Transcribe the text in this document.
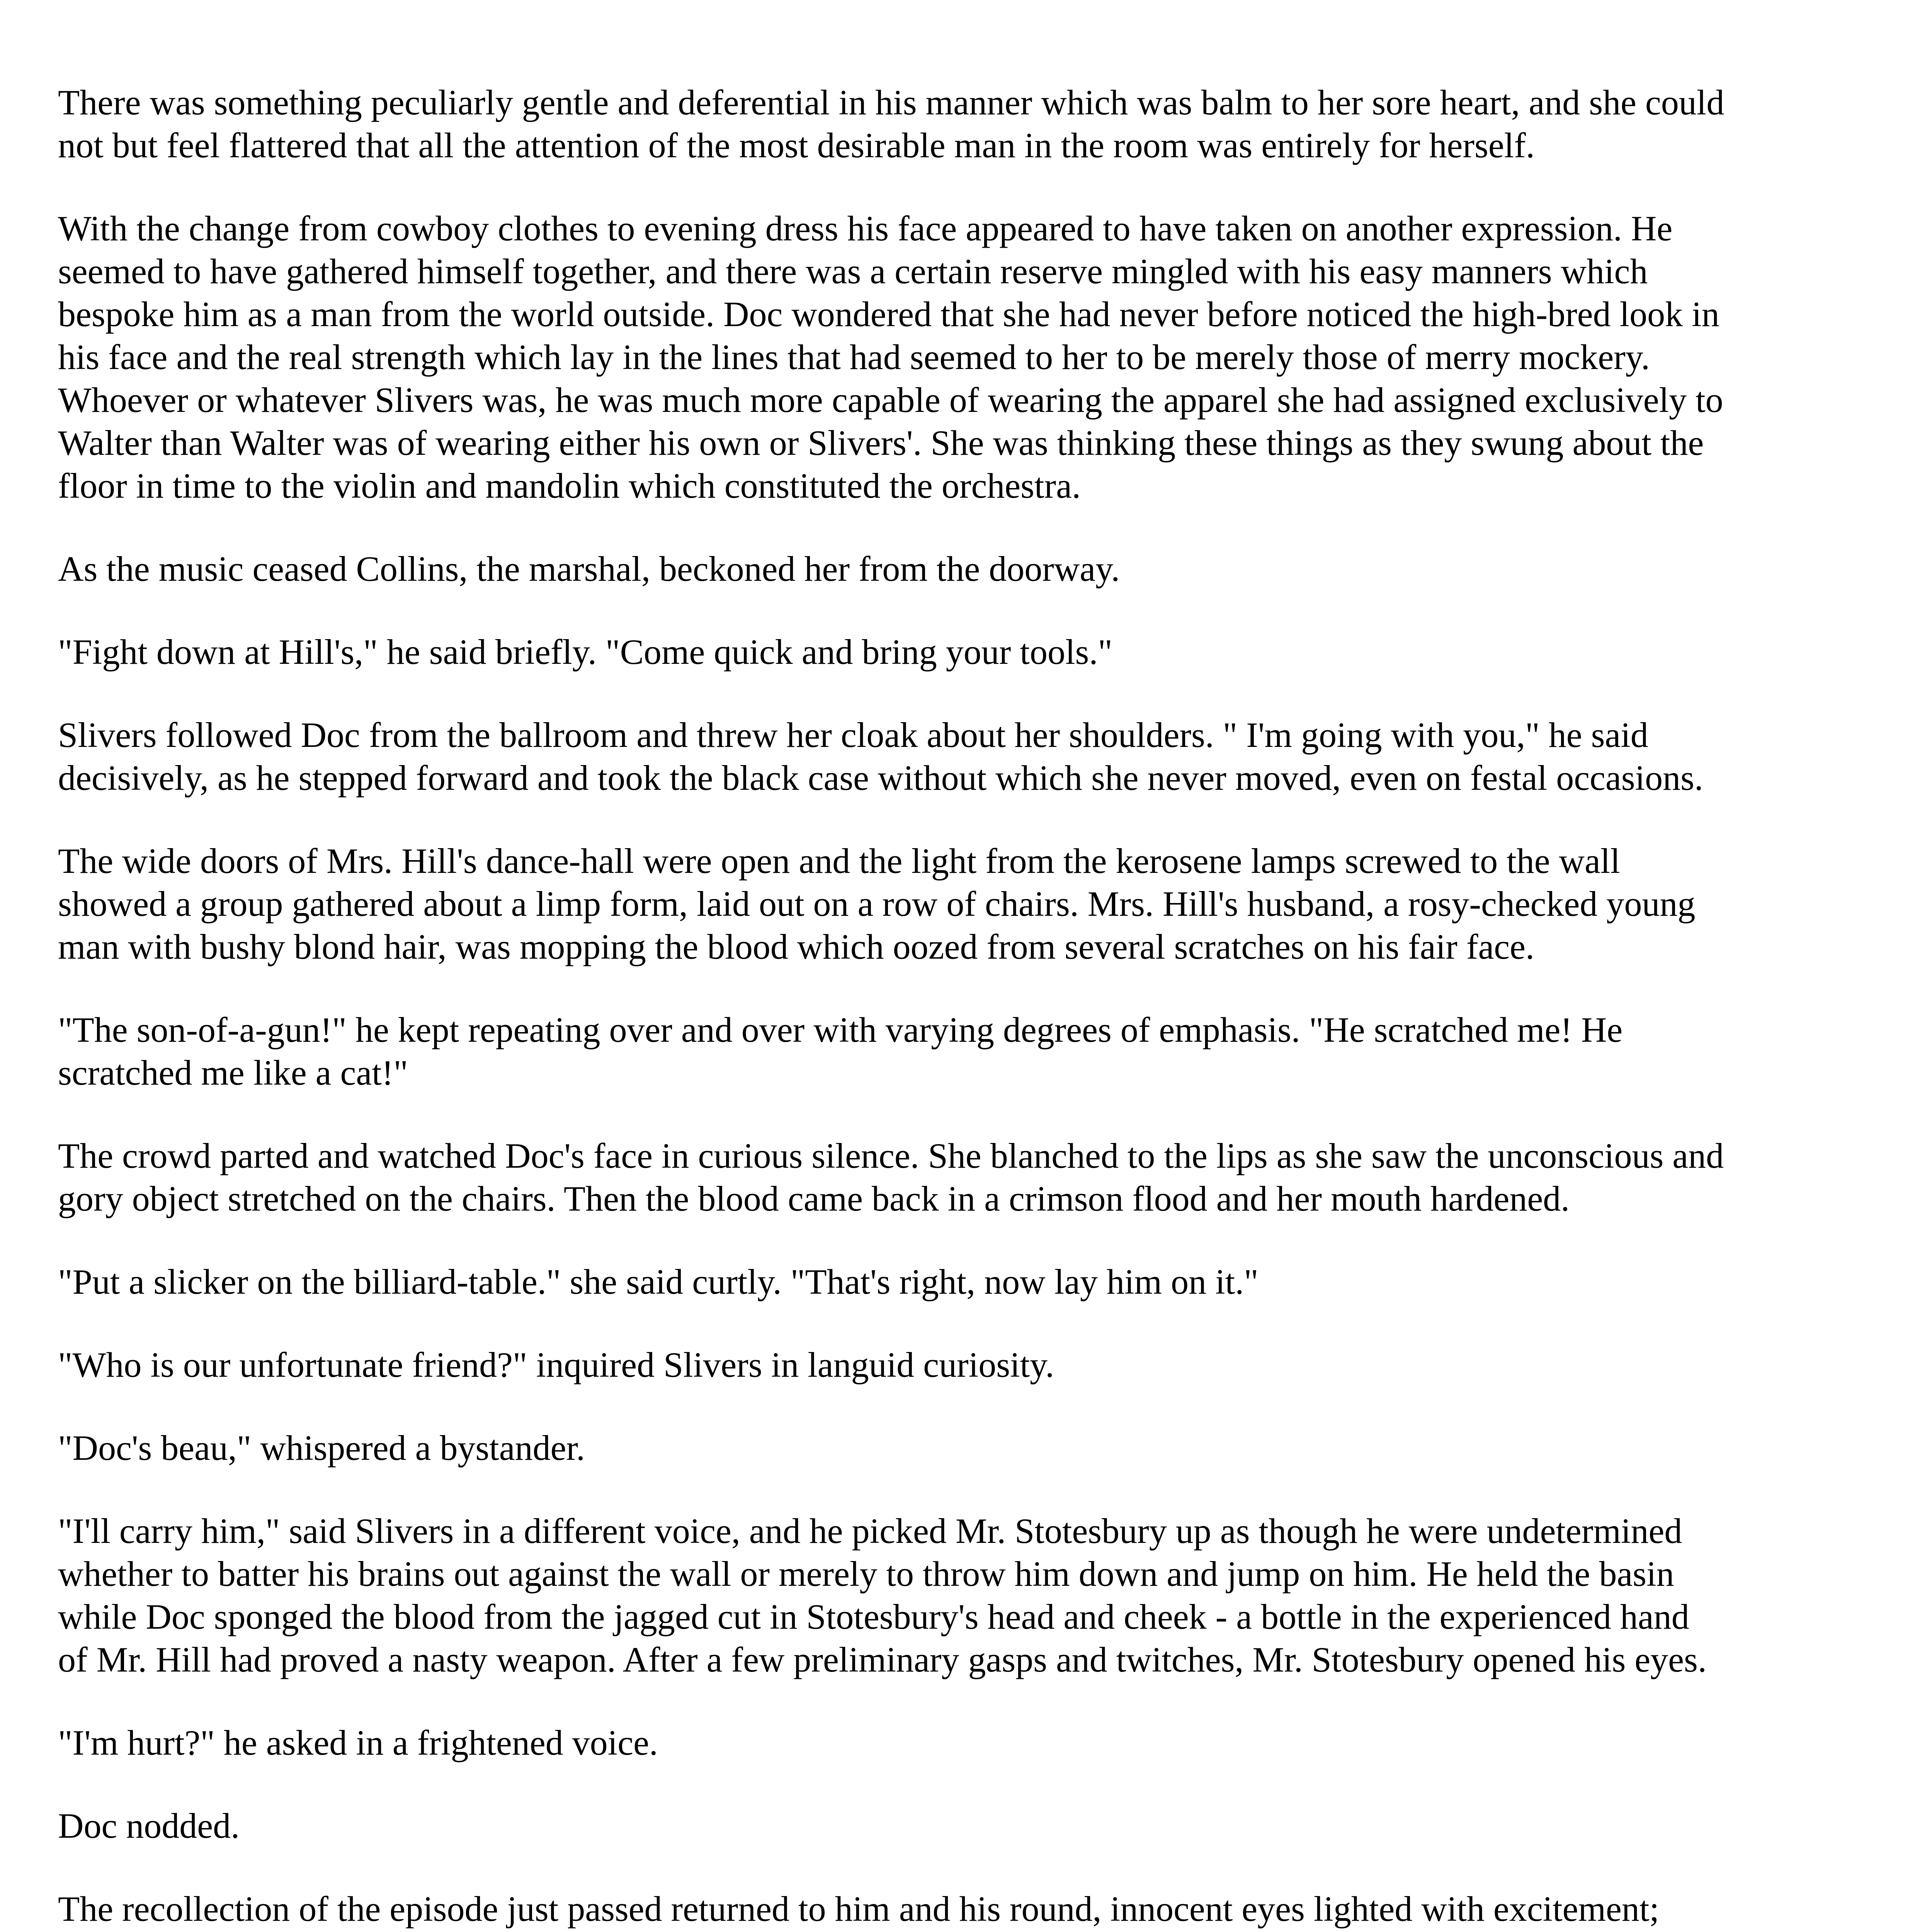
There was something peculiarly gentle and deferential in his manner which was balm to her sore heart, and she could not but feel flattered that all the attention of the most desirable man in the room was entirely for herself.

With the change from cowboy clothes to evening dress his face appeared to have taken on another expression. He seemed to have gathered himself together, and there was a certain reserve mingled with his easy manners which bespoke him as a man from the world outside. Doc wondered that she had never before noticed the high-bred look in his face and the real strength which lay in the lines that had seemed to her to be merely those of merry mockery. Whoever or whatever Slivers was, he was much more capable of wearing the apparel she had assigned exclusively to Walter than Walter was of wearing either his own or Slivers'. She was thinking these things as they swung about the floor in time to the violin and mandolin which constituted the orchestra.

As the music ceased Collins, the marshal, beckoned her from the doorway.

"Fight down at Hill's," he said briefly. "Come quick and bring your tools."

Slivers followed Doc from the ballroom and threw her cloak about her shoulders. " I'm going with you," he said decisively, as he stepped forward and took the black case without which she never moved, even on festal occasions.

The wide doors of Mrs. Hill's dance-hall were open and the light from the kerosene lamps screwed to the wall showed a group gathered about a limp form, laid out on a row of chairs. Mrs. Hill's husband, a rosy-checked young man with bushy blond hair, was mopping the blood which oozed from several scratches on his fair face.

"The son-of-a-gun!" he kept repeating over and over with varying degrees of emphasis. "He scratched me! He scratched me like a cat!"

The crowd parted and watched Doc's face in curious silence. She blanched to the lips as she saw the unconscious and gory object stretched on the chairs. Then the blood came back in a crimson flood and her mouth hardened.

"Put a slicker on the billiard-table." she said curtly. "That's right, now lay him on it."

"Who is our unfortunate friend?" inquired Slivers in languid curiosity.

"Doc's beau," whispered a bystander.

"I'll carry him," said Slivers in a different voice, and he picked Mr. Stotesbury up as though he were undetermined whether to batter his brains out against the wall or merely to throw him down and jump on him. He held the basin while Doc sponged the blood from the jagged cut in Stotesbury's head and cheek - a bottle in the experienced hand of Mr. Hill had proved a nasty weapon. After a few preliminary gasps and twitches, Mr. Stotesbury opened his eyes.

"I'm hurt?" he asked in a frightened voice.

Doc nodded.

The recollection of the episode just passed returned to him and his round, innocent eyes lighted with excitement;
